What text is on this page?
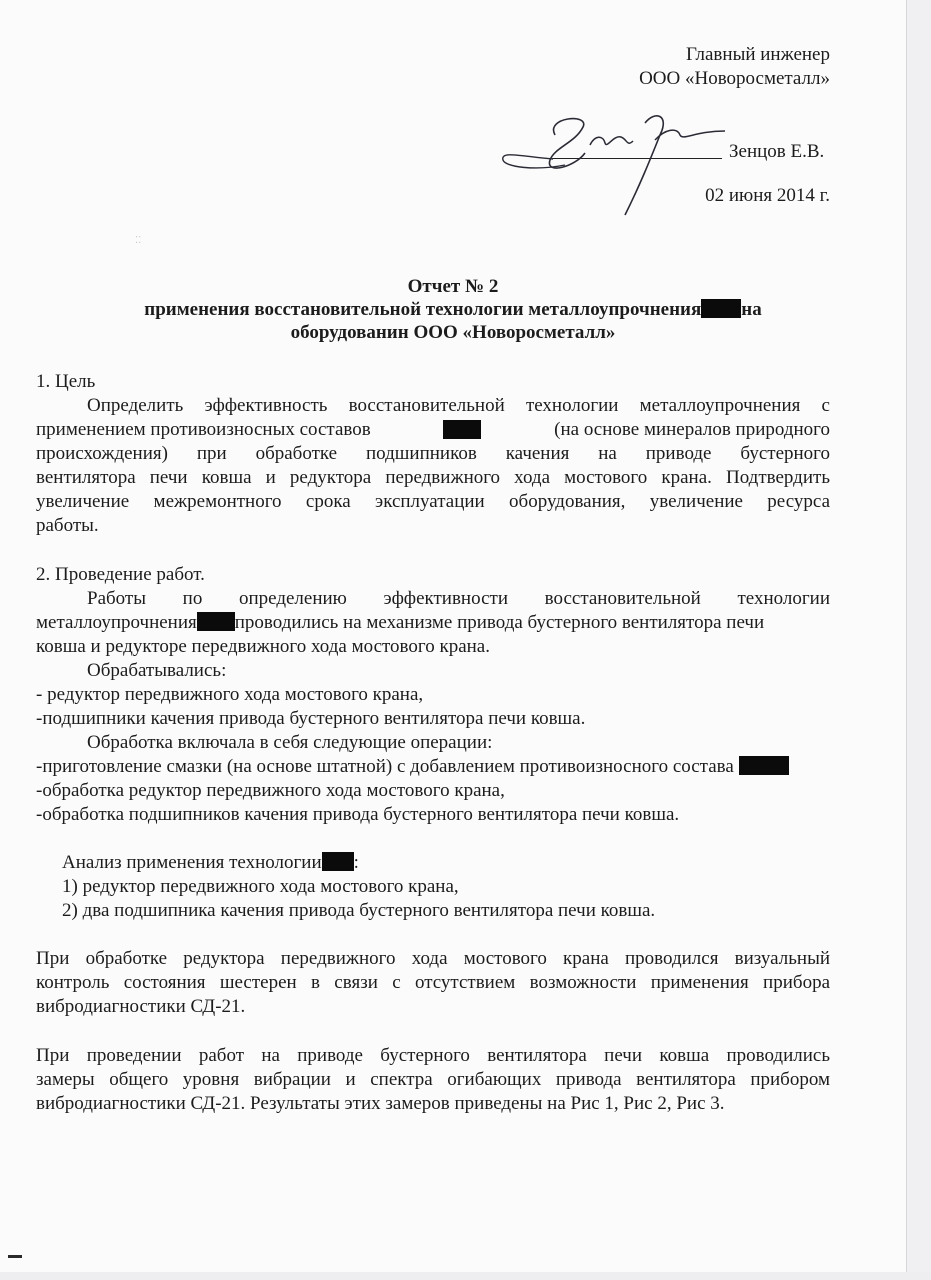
⁚⁚
Главный инженер
ООО «Новоросметалл»
Зенцов Е.В.
02 июня 2014 г.
Отчет № 2
применения восстановительной технологии металлоупрочнения на
оборудованин ООО «Новоросметалл»
1. Цель
Определить эффективность восстановительной технологии металлоупрочнения с
применением противоизносных составов	(на основе минералов природного
происхождения) при обработке подшипников качения на приводе бустерного
вентилятора печи ковша и редуктора передвижного хода мостового крана. Подтвердить
увеличение межремонтного срока эксплуатации оборудования, увеличение ресурса
работы.
2. Проведение работ.
Работы по определению эффективности восстановительной технологии
металлоупрочнения проводились на механизме привода бустерного вентилятора печи
ковша и редукторе передвижного хода мостового крана.
Обрабатывались:
- редуктор передвижного хода мостового крана,
-подшипники качения привода бустерного вентилятора печи ковша.
Обработка включала в себя следующие операции:
-приготовление смазки (на основе штатной) с добавлением противоизносного состава
-обработка редуктор передвижного хода мостового крана,
-обработка подшипников качения привода бустерного вентилятора печи ковша.
Анализ применения технологии :
1) редуктор передвижного хода мостового крана,
2) два подшипника качения привода бустерного вентилятора печи ковша.
При обработке редуктора передвижного хода мостового крана проводился визуальный
контроль состояния шестерен в связи с отсутствием возможности применения прибора
вибродиагностики СД-21.
При проведении работ на приводе бустерного вентилятора печи ковша проводились
замеры общего уровня вибрации и спектра огибающих привода вентилятора прибором
вибродиагностики СД-21. Результаты этих замеров приведены на Рис 1, Рис 2, Рис 3.
